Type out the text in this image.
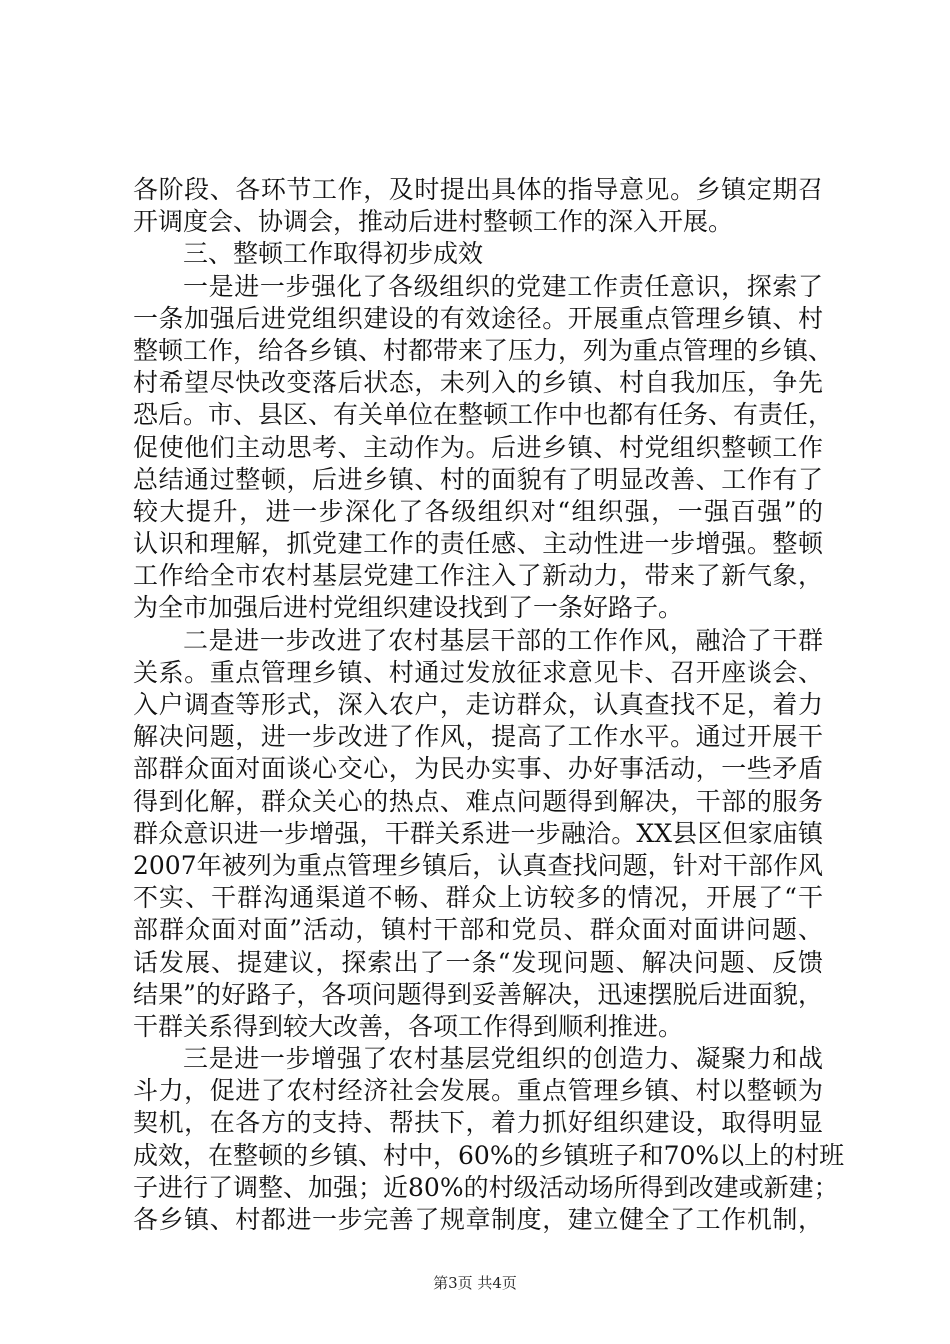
各阶段、各环节工作，及时提出具体的指导意见。乡镇定期召
开调度会、协调会，推动后进村整顿工作的深入开展。
三、整顿工作取得初步成效
一是进一步强化了各级组织的党建工作责任意识，探索了
一条加强后进党组织建设的有效途径。开展重点管理乡镇、村
整顿工作，给各乡镇、村都带来了压力，列为重点管理的乡镇、
村希望尽快改变落后状态，未列入的乡镇、村自我加压，争先
恐后。市、县区、有关单位在整顿工作中也都有任务、有责任，
促使他们主动思考、主动作为。后进乡镇、村党组织整顿工作
总结通过整顿，后进乡镇、村的面貌有了明显改善、工作有了
较大提升，进一步深化了各级组织对“组织强，一强百强”的
认识和理解，抓党建工作的责任感、主动性进一步增强。整顿
工作给全市农村基层党建工作注入了新动力，带来了新气象，
为全市加强后进村党组织建设找到了一条好路子。
二是进一步改进了农村基层干部的工作作风，融洽了干群
关系。重点管理乡镇、村通过发放征求意见卡、召开座谈会、
入户调查等形式，深入农户，走访群众，认真查找不足，着力
解决问题，进一步改进了作风，提高了工作水平。通过开展干
部群众面对面谈心交心，为民办实事、办好事活动，一些矛盾
得到化解，群众关心的热点、难点问题得到解决，干部的服务
群众意识进一步增强，干群关系进一步融洽。XX县区但家庙镇
2007年被列为重点管理乡镇后，认真查找问题，针对干部作风
不实、干群沟通渠道不畅、群众上访较多的情况，开展了“干
部群众面对面”活动，镇村干部和党员、群众面对面讲问题、
话发展、提建议，探索出了一条“发现问题、解决问题、反馈
结果”的好路子，各项问题得到妥善解决，迅速摆脱后进面貌，
干群关系得到较大改善，各项工作得到顺利推进。
三是进一步增强了农村基层党组织的创造力、凝聚力和战
斗力，促进了农村经济社会发展。重点管理乡镇、村以整顿为
契机，在各方的支持、帮扶下，着力抓好组织建设，取得明显
成效，在整顿的乡镇、村中，60%的乡镇班子和70%以上的村班
子进行了调整、加强；近80%的村级活动场所得到改建或新建；
各乡镇、村都进一步完善了规章制度，建立健全了工作机制，
第3页 共4页
